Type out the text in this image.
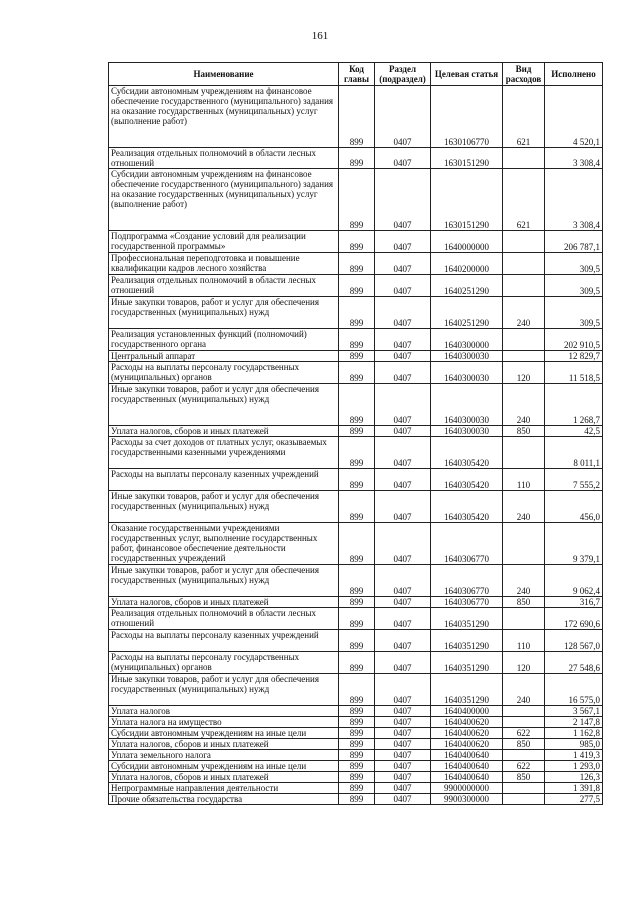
161
Наименование	Код главы	Раздел (подраздел)	Целевая статья	Вид расходов	Исполнено
Субсидии автономным учреждениям на финансовое обеспечение государственного (муниципального) задания на оказание государственных (муниципальных) услуг (выполнение работ)	899	0407	1630106770	621	4 520,1
Реализация отдельных полномочий в области лесных отношений	899	0407	1630151290		3 308,4
Субсидии автономным учреждениям на финансовое обеспечение государственного (муниципального) задания на оказание государственных (муниципальных) услуг (выполнение работ)	899	0407	1630151290	621	3 308,4
Подпрограмма «Создание условий для реализации государственной программы»	899	0407	1640000000		206 787,1
Профессиональная переподготовка и повышение квалификации кадров лесного хозяйства	899	0407	1640200000		309,5
Реализация отдельных полномочий в области лесных отношений	899	0407	1640251290		309,5
Иные закупки товаров, работ и услуг для обеспечения государственных (муниципальных) нужд	899	0407	1640251290	240	309,5
Реализация установленных функций (полномочий) государственного органа	899	0407	1640300000		202 910,5
Центральный аппарат	899	0407	1640300030		12 829,7
Расходы на выплаты персоналу государственных (муниципальных) органов	899	0407	1640300030	120	11 518,5
Иные закупки товаров, работ и услуг для обеспечения государственных (муниципальных) нужд	899	0407	1640300030	240	1 268,7
Уплата налогов, сборов и иных платежей	899	0407	1640300030	850	42,5
Расходы за счет доходов от платных услуг, оказываемых государственными казенными учреждениями	899	0407	1640305420		8 011,1
Расходы на выплаты персоналу казенных учреждений	899	0407	1640305420	110	7 555,2
Иные закупки товаров, работ и услуг для обеспечения государственных (муниципальных) нужд	899	0407	1640305420	240	456,0
Оказание государственными учреждениями государственных услуг, выполнение государственных работ, финансовое обеспечение деятельности государственных учреждений	899	0407	1640306770		9 379,1
Иные закупки товаров, работ и услуг для обеспечения государственных (муниципальных) нужд	899	0407	1640306770	240	9 062,4
Уплата налогов, сборов и иных платежей	899	0407	1640306770	850	316,7
Реализация отдельных полномочий в области лесных отношений	899	0407	1640351290		172 690,6
Расходы на выплаты персоналу казенных учреждений	899	0407	1640351290	110	128 567,0
Расходы на выплаты персоналу государственных (муниципальных) органов	899	0407	1640351290	120	27 548,6
Иные закупки товаров, работ и услуг для обеспечения государственных (муниципальных) нужд	899	0407	1640351290	240	16 575,0
Уплата налогов	899	0407	1640400000		3 567,1
Уплата налога на имущество	899	0407	1640400620		2 147,8
Субсидии автономным учреждениям на иные цели	899	0407	1640400620	622	1 162,8
Уплата налогов, сборов и иных платежей	899	0407	1640400620	850	985,0
Уплата земельного налога	899	0407	1640400640		1 419,3
Субсидии автономным учреждениям на иные цели	899	0407	1640400640	622	1 293,0
Уплата налогов, сборов и иных платежей	899	0407	1640400640	850	126,3
Непрограммные направления деятельности	899	0407	9900000000		1 391,8
Прочие обязательства государства	899	0407	9900300000		277,5
